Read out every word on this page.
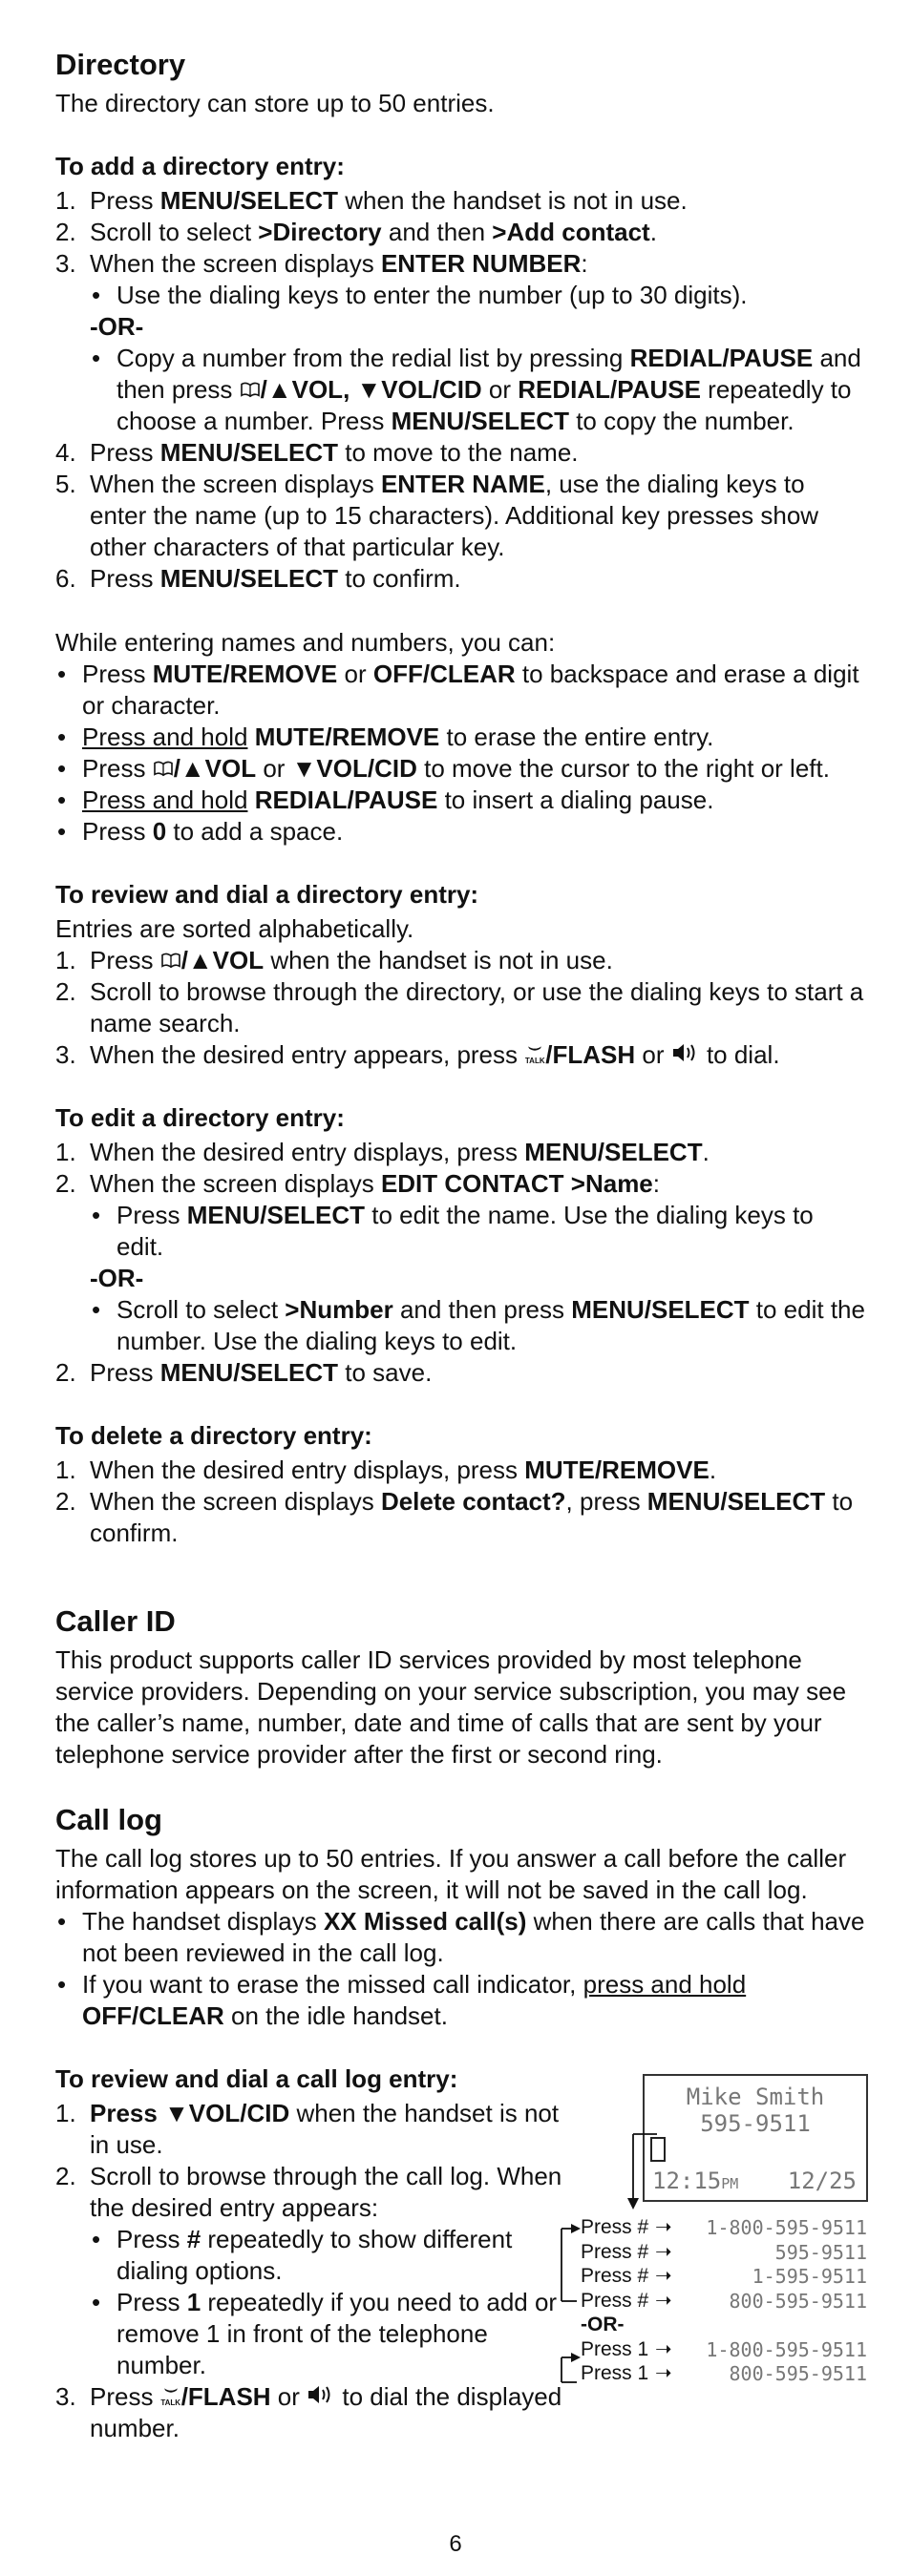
Directory

The directory can store up to 50 entries.

To add a directory entry:
1. Press MENU/SELECT when the handset is not in use.
2. Scroll to select >Directory and then >Add contact.
3. When the screen displays ENTER NUMBER:
• Use the dialing keys to enter the number (up to 30 digits).
-OR-
• Copy a number from the redial list by pressing REDIAL/PAUSE and then press /▲VOL, ▼VOL/CID or REDIAL/PAUSE repeatedly to choose a number. Press MENU/SELECT to copy the number.
4. Press MENU/SELECT to move to the name.
5. When the screen displays ENTER NAME, use the dialing keys to enter the name (up to 15 characters). Additional key presses show other characters of that particular key.
6. Press MENU/SELECT to confirm.

While entering names and numbers, you can:

• Press MUTE/REMOVE or OFF/CLEAR to backspace and erase a digit or character.
• Press and hold MUTE/REMOVE to erase the entire entry.
• Press /▲VOL or ▼VOL/CID to move the cursor to the right or left.
• Press and hold REDIAL/PAUSE to insert a dialing pause.
• Press 0 to add a space.
To review and dial a directory entry:

Entries are sorted alphabetically.

1. Press /▲VOL when the handset is not in use.
2. Scroll to browse through the directory, or use the dialing keys to start a name search.
3. When the desired entry appears, press TALK /FLASH or  to dial.
To edit a directory entry:
1. When the desired entry displays, press MENU/SELECT.
2. When the screen displays EDIT CONTACT >Name:
• Press MENU/SELECT to edit the name. Use the dialing keys to edit.
-OR-
• Scroll to select >Number and then press MENU/SELECT to edit the number. Use the dialing keys to edit.
2. Press MENU/SELECT to save.
To delete a directory entry:
1. When the desired entry displays, press MUTE/REMOVE.
2. When the screen displays Delete contact?, press MENU/SELECT to confirm.
Caller ID

This product supports caller ID services provided by most telephone service providers. Depending on your service subscription, you may see the caller’s name, number, date and time of calls that are sent by your telephone service provider after the first or second ring.

Call log

The call log stores up to 50 entries. If you answer a call before the caller information appears on the screen, it will not be saved in the call log.

• The handset displays XX Missed call(s) when there are calls that have not been reviewed in the call log.
• If you want to erase the missed call indicator, press and hold OFF/CLEAR on the idle handset.
To review and dial a call log entry:
1. Press ▼VOL/CID when the handset is not in use.
2. Scroll to browse through the call log. When the desired entry appears:
• Press # repeatedly to show different dialing options.
• Press 1 repeatedly if you need to add or remove 1 in front of the telephone number.
3. Press TALK /FLASH or  to dial the displayed number.
Mike Smith
595-9511
12:15PM 12/25
Press # ➝	1-800-595-9511
Press # ➝	595-9511
Press # ➝	1-595-9511
Press # ➝	800-595-9511
-OR-
Press 1 ➝	1-800-595-9511
Press 1 ➝	800-595-9511
6
